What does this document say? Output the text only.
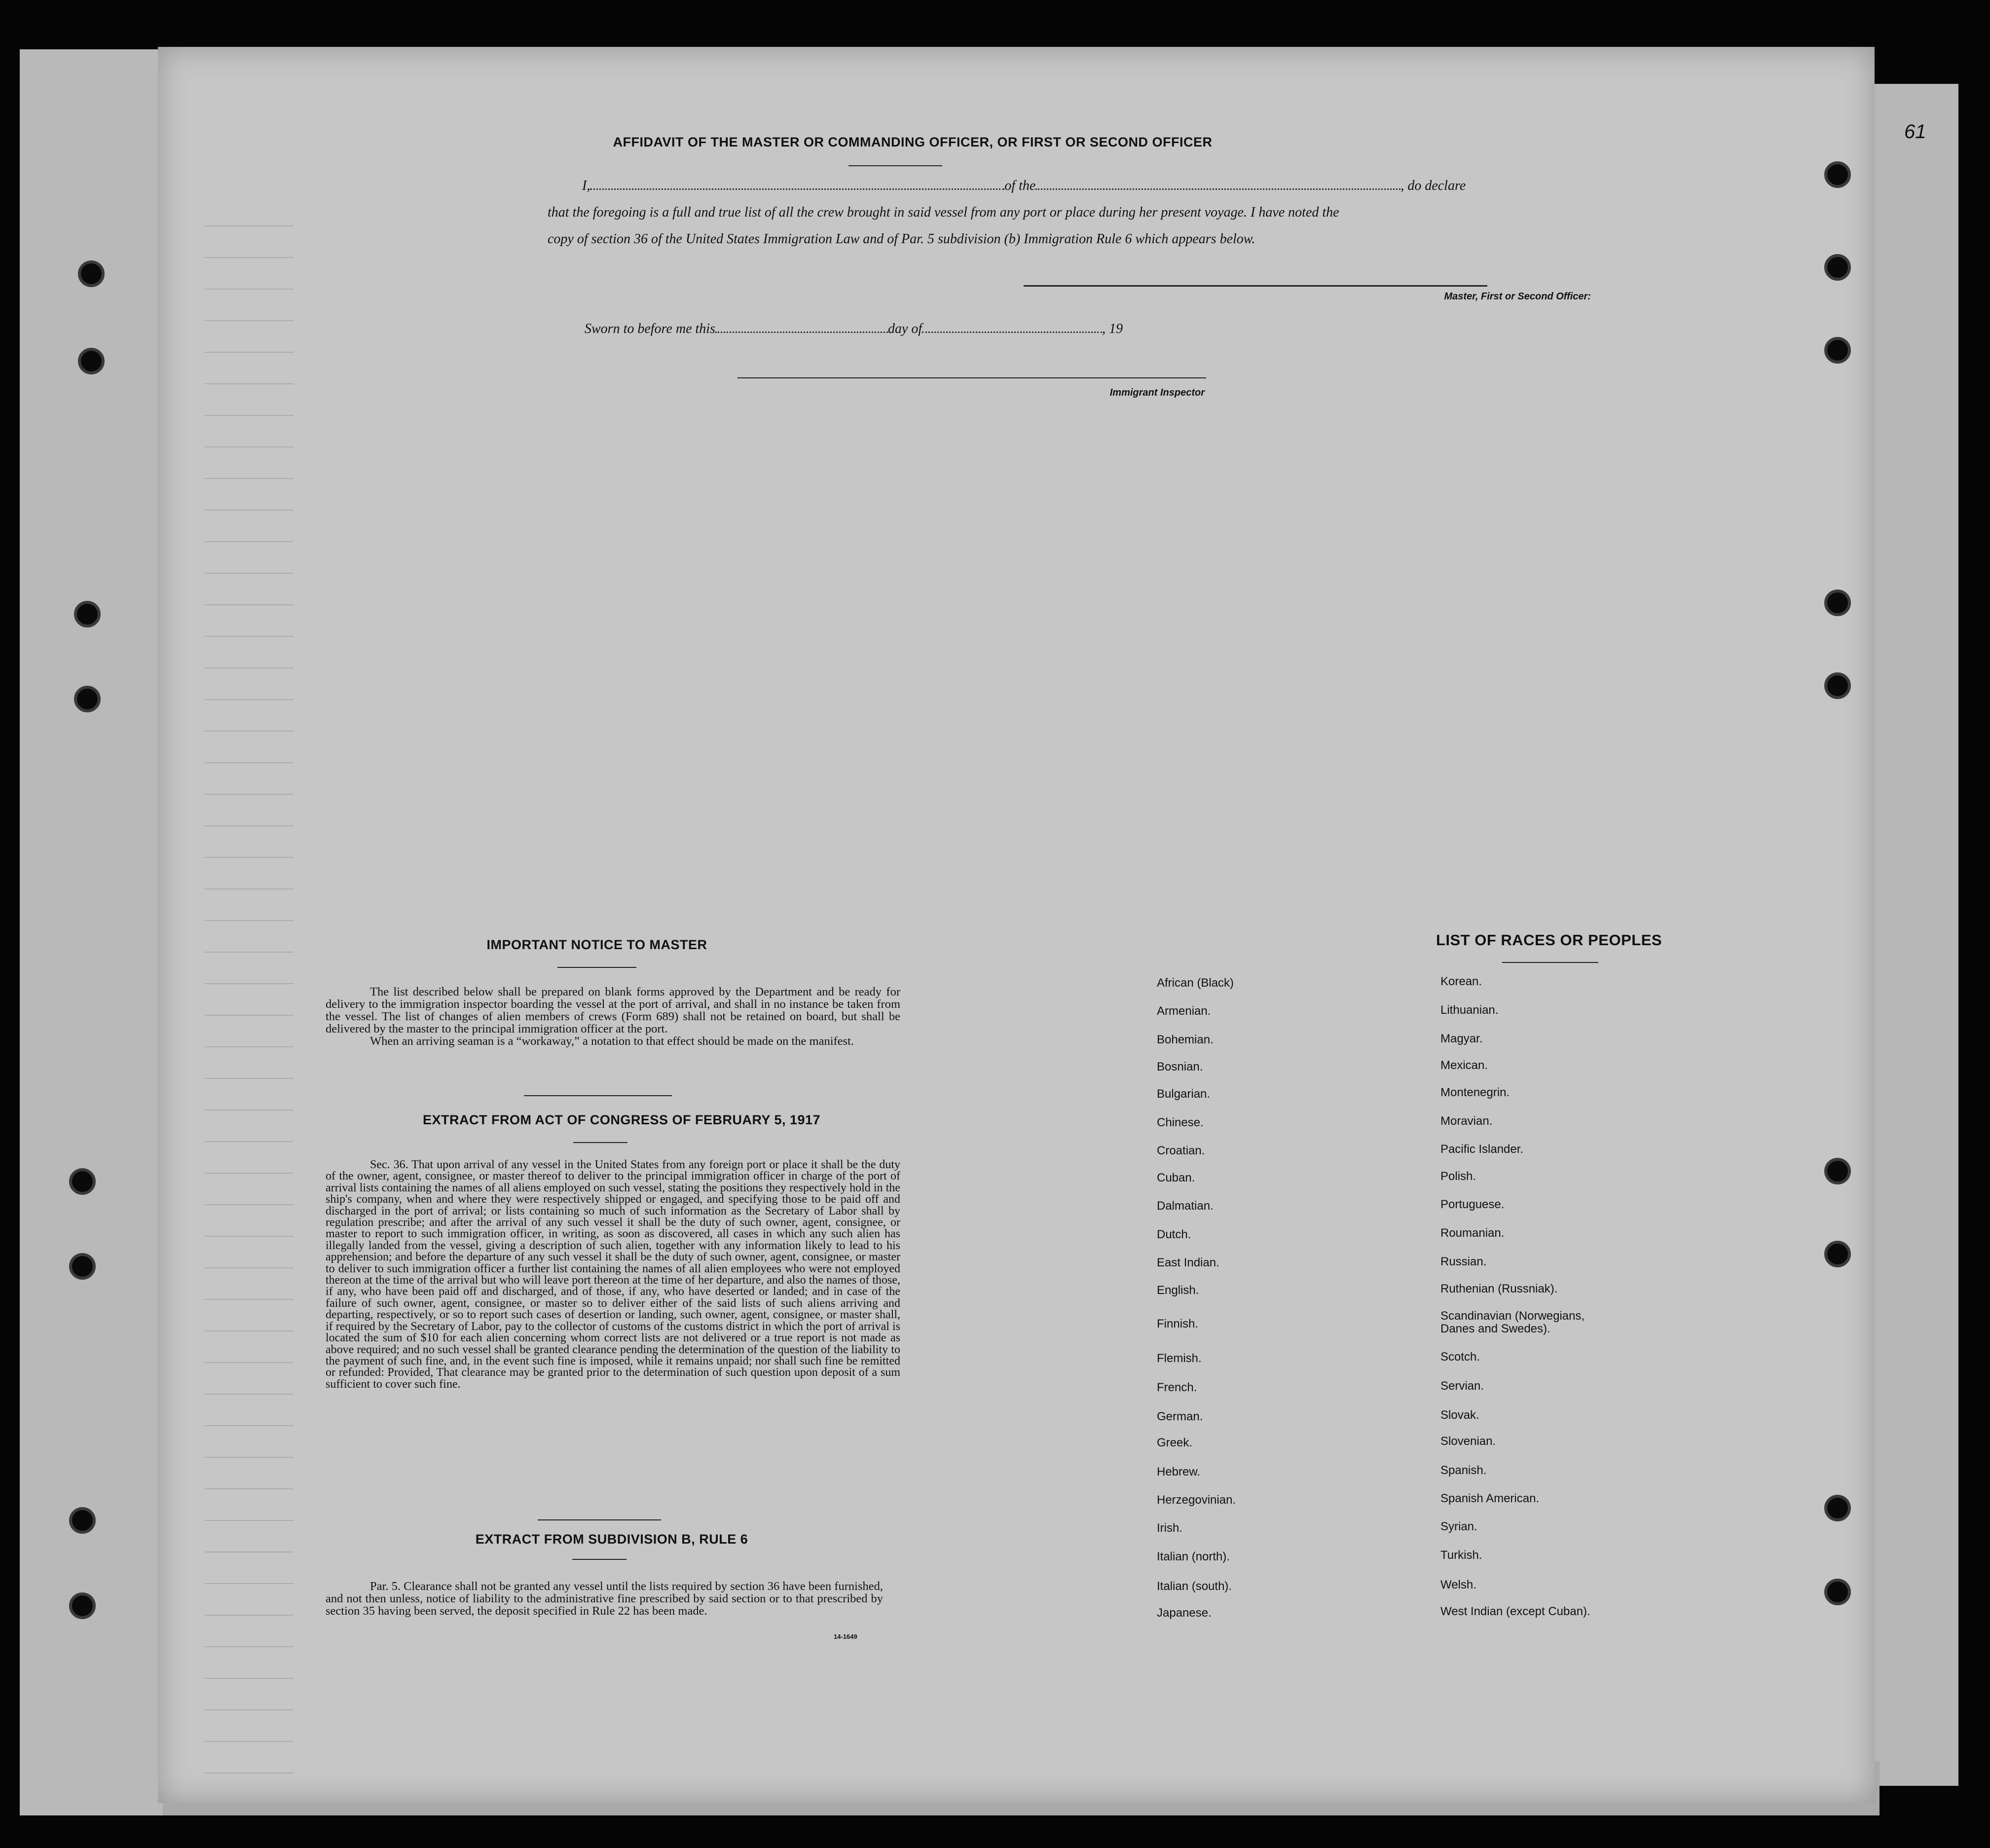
61
AFFIDAVIT OF THE MASTER OR COMMANDING OFFICER, OR FIRST OR SECOND OFFICER
I,	of the	, do declare
that the foregoing is a full and true list of all the crew brought in said vessel from any port or place during her present voyage. I have noted the
copy of section 36 of the United States Immigration Law and of Par. 5 subdivision (b) Immigration Rule 6 which appears below.
Master, First or Second Officer:
Sworn to before me this	day of	, 19
Immigrant Inspector
IMPORTANT NOTICE TO MASTER

The list described below shall be prepared on blank forms approved by the Department and be ready for delivery to the immigration inspector boarding the vessel at the port of arrival, and shall in no instance be taken from the vessel. The list of changes of alien members of crews (Form 689) shall not be retained on board, but shall be delivered by the master to the principal immigration officer at the port.

When an arriving seaman is a “workaway,” a notation to that effect should be made on the manifest.

EXTRACT FROM ACT OF CONGRESS OF FEBRUARY 5, 1917

Sec. 36. That upon arrival of any vessel in the United States from any foreign port or place it shall be the duty of the owner, agent, consignee, or master thereof to deliver to the principal immigration officer in charge of the port of arrival lists containing the names of all aliens employed on such vessel, stating the positions they respectively hold in the ship's company, when and where they were respectively shipped or engaged, and specifying those to be paid off and discharged in the port of arrival; or lists containing so much of such information as the Secretary of Labor shall by regulation prescribe; and after the arrival of any such vessel it shall be the duty of such owner, agent, consignee, or master to report to such immigration officer, in writing, as soon as discovered, all cases in which any such alien has illegally landed from the vessel, giving a description of such alien, together with any information likely to lead to his apprehension; and before the departure of any such vessel it shall be the duty of such owner, agent, consignee, or master to deliver to such immigration officer a further list containing the names of all alien employees who were not employed thereon at the time of the arrival but who will leave port thereon at the time of her departure, and also the names of those, if any, who have been paid off and discharged, and of those, if any, who have deserted or landed; and in case of the failure of such owner, agent, consignee, or master so to deliver either of the said lists of such aliens arriving and departing, respectively, or so to report such cases of desertion or landing, such owner, agent, consignee, or master shall, if required by the Secretary of Labor, pay to the collector of customs of the customs district in which the port of arrival is located the sum of $10 for each alien concerning whom correct lists are not delivered or a true report is not made as above required; and no such vessel shall be granted clearance pending the determination of the question of the liability to the payment of such fine, and, in the event such fine is imposed, while it remains unpaid; nor shall such fine be remitted or refunded: Provided, That clearance may be granted prior to the determination of such question upon deposit of a sum sufficient to cover such fine.

EXTRACT FROM SUBDIVISION B, RULE 6

Par. 5. Clearance shall not be granted any vessel until the lists required by section 36 have been furnished, and not then unless, notice of liability to the administrative fine prescribed by said section or to that prescribed by section 35 having been served, the deposit specified in Rule 22 has been made.

14-1649
LIST OF RACES OR PEOPLES
African (Black)
Armenian.
Bohemian.
Bosnian.
Bulgarian.
Chinese.
Croatian.
Cuban.
Dalmatian.
Dutch.
East Indian.
English.
Finnish.
Flemish.
French.
German.
Greek.
Hebrew.
Herzegovinian.
Irish.
Italian (north).
Italian (south).
Japanese.
Korean.
Lithuanian.
Magyar.
Mexican.
Montenegrin.
Moravian.
Pacific Islander.
Polish.
Portuguese.
Roumanian.
Russian.
Ruthenian (Russniak).
Scandinavian (Norwegians,
Danes and Swedes).
Scotch.
Servian.
Slovak.
Slovenian.
Spanish.
Spanish American.
Syrian.
Turkish.
Welsh.
West Indian (except Cuban).
